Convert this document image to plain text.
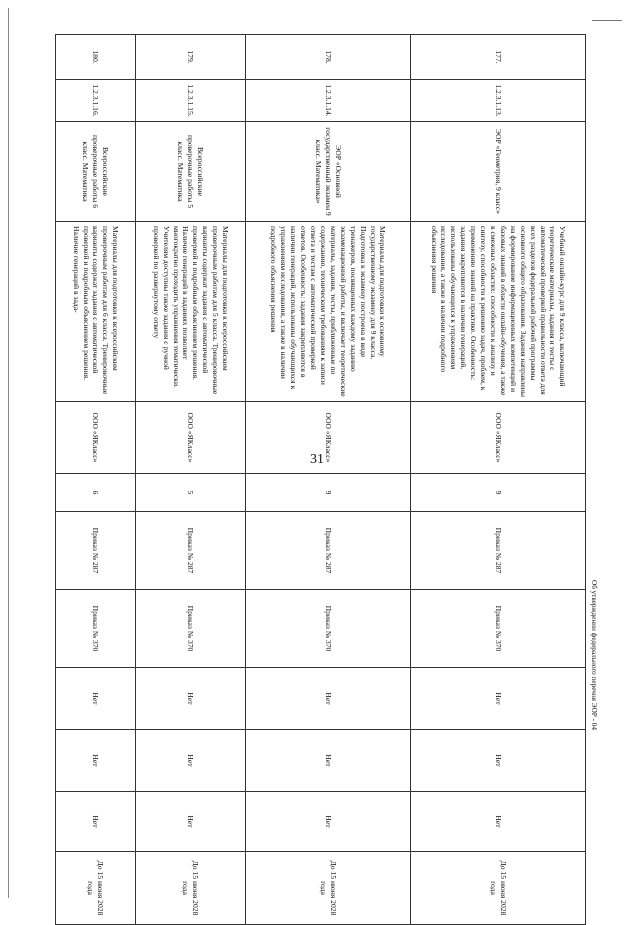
31
177.	1.2.3.1.13.	ЭОР «Геометрия, 9 класс»	Учебный онлайн-курс для 9 класса, включающий теоретические материалы, задания и тесты с автоматической проверкой правильности ответа для всех разделов федеральной рабочей программы основного общего образования. Задания направлены на формирование информационных компетенций и базовых знаний в области онлайн-обучения, а также в смежных областях: способности к анализу и синтезу, способности к решению задач, проблем, к применению знаний на практике. Особенность: задания закрепляются в наличии генераций, использованы обучающихся к упражнениям исследования, а также в наличии подробного объяснения решения	ООО «ЯКласс»	9	Приказ № 287	Приказ № 370	Нет	Нет	Нет	До 15 июня 2028 года
178.	1.2.3.1.14.	ЭОР «Основной государственный экзамен 9 класс. Математика»	Материалы для подготовки к основному государственному экзамену для 9 класса. Подготовка к экзамену построена в виде тренажеров, посвященных каждому заданию экзаменационной работы, и включает теоретические материалы, задания, тесты, приближенные по содержанию, техническим требованиям к записи ответа и тестам с автоматической проверкой ответов. Особенность: задания закрепляются в наличии генераций, использованы обучающихся к упражнениям исследования, а также в наличии подробного объяснения решения	ООО «ЯКласс»	9	Приказ № 287	Приказ № 370	Нет	Нет	Нет	До 15 июня 2028 года
179.	1.2.3.1.15.	Всероссийские проверочные работы 5 класс. Математика	Материалы для подготовки к всероссийским проверочным работам для 5 класса. Тренировочные варианты содержат задания с автоматической проверкой и подробным объяснением решения. Наличие генераций в заданиях позволяет многократно проходить упражнения тематически. Учителям доступны также задания с ручной проверкой по развернутому ответу	ООО «ЯКласс»	5	Приказ № 287	Приказ № 370	Нет	Нет	Нет	До 15 июня 2028 года
180.	1.2.3.1.16.	Всероссийские проверочные работы 6 класс. Математика	Материалы для подготовки к всероссийским проверочным работам для 6 класса. Тренировочные варианты содержат задания с автоматической проверкой и подробным объяснением решения. Наличие генераций в зада-	ООО «ЯКласс»	6	Приказ № 287	Приказ № 370	Нет	Нет	Нет	До 15 июня 2028 года
Об утверждении федерального перечня ЭОР - 04
